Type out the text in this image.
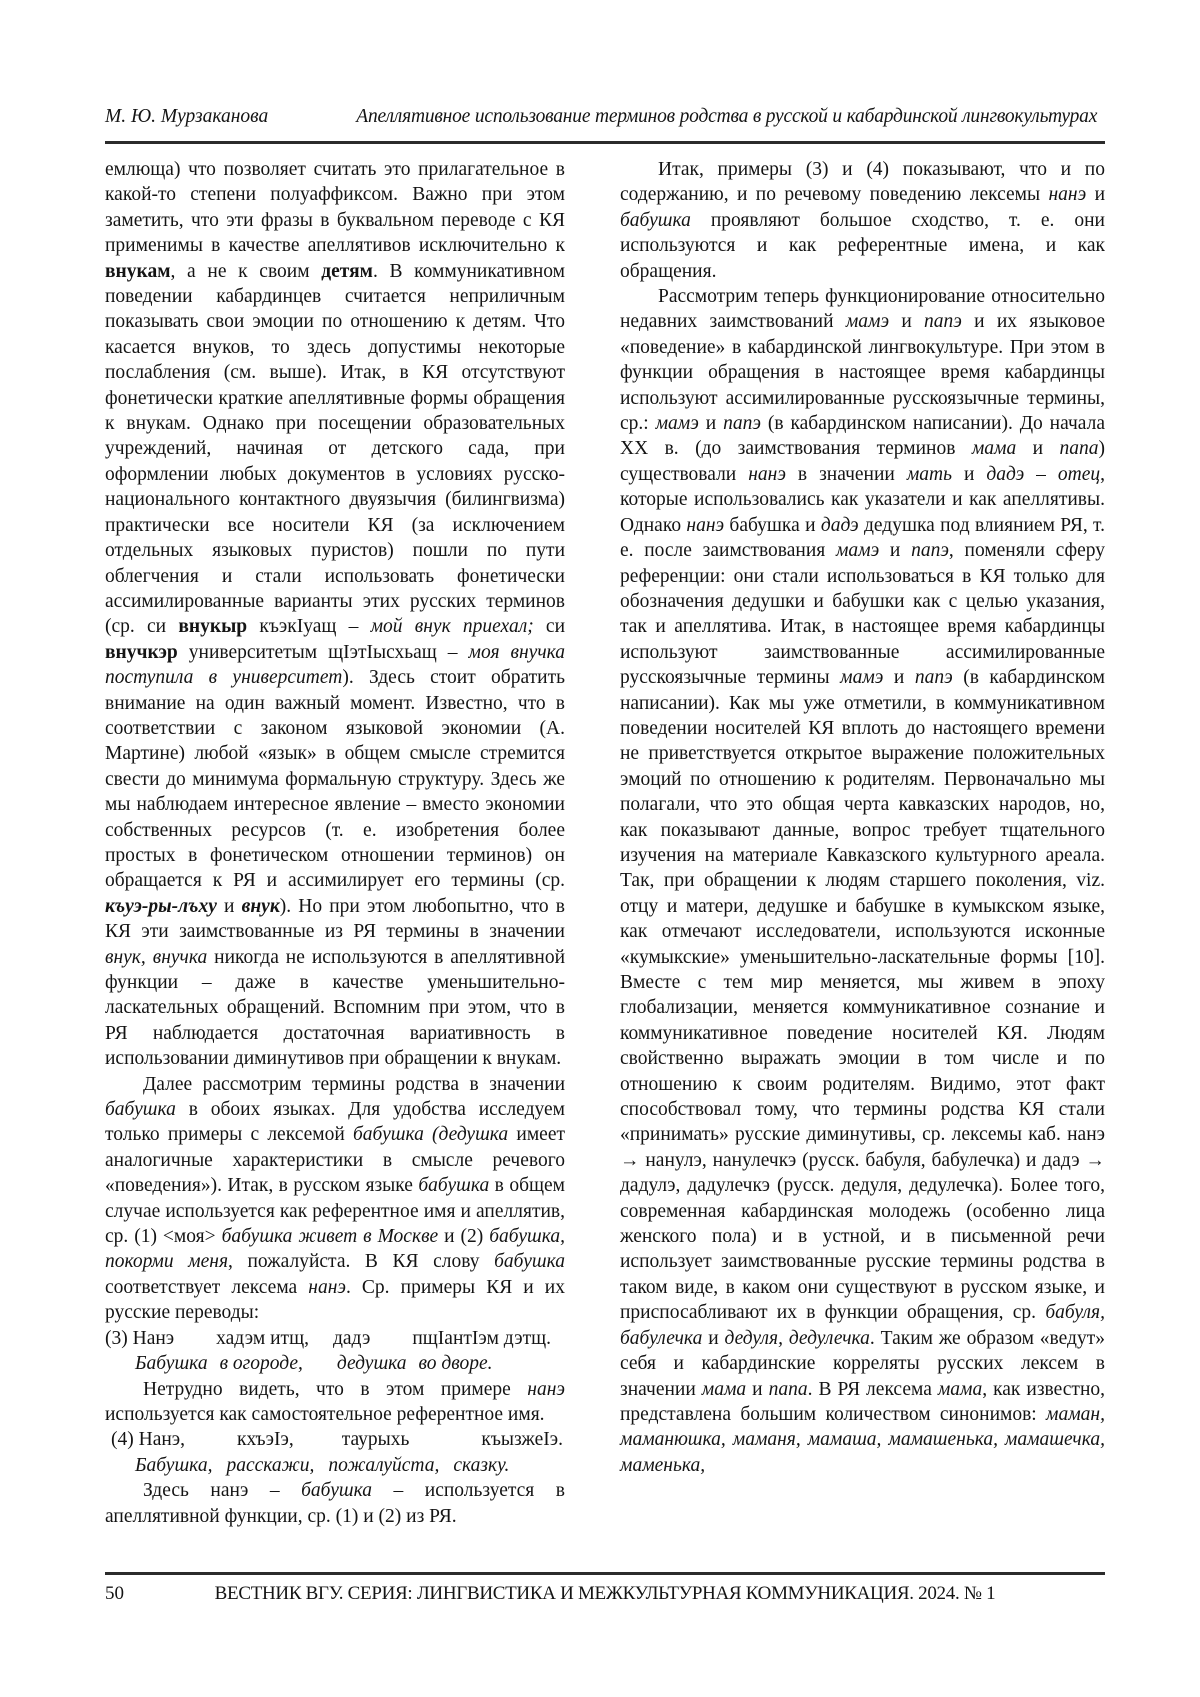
М. Ю. Мурзаканова	Апеллятивное использование терминов родства в русской и кабардинской лингвокультурах

емлюща) что позволяет считать это прилагательное в какой-то степени полуаффиксом. Важно при этом заметить, что эти фразы в буквальном переводе с КЯ применимы в качестве апеллятивов исключительно к внукам, а не к своим детям. В коммуникативном поведении кабардинцев считается неприличным показывать свои эмоции по отношению к детям. Что касается внуков, то здесь допустимы некоторые послабления (см. выше). Итак, в КЯ отсутствуют фонетически краткие апеллятивные формы обращения к внукам. Однако при посещении образовательных учреждений, начиная от детского сада, при оформлении любых документов в условиях русско-национального контактного двуязычия (билингвизма) практически все носители КЯ (за исключением отдельных языковых пуристов) пошли по пути облегчения и стали использовать фонетически ассимилированные варианты этих русских терминов (ср. си внукыр къэкIуащ – мой внук приехал; си внучкэр университетым щIэтIысхьащ – моя внучка поступила в университет). Здесь стоит обратить внимание на один важный момент. Известно, что в соответствии с законом языковой экономии (А. Мартине) любой «язык» в общем смысле стремится свести до минимума формальную структуру. Здесь же мы наблюдаем интересное явление – вместо экономии собственных ресурсов (т. е. изобретения более простых в фонетическом отношении терминов) он обращается к РЯ и ассимилирует его термины (ср. къуэ-ры-лъху и внук). Но при этом любопытно, что в КЯ эти заимствованные из РЯ термины в значении внук, внучка никогда не используются в апеллятивной функции – даже в качестве уменьшительно-ласкательных обращений. Вспомним при этом, что в РЯ наблюдается достаточная вариативность в использовании диминутивов при обращении к внукам.

Далее рассмотрим термины родства в значении бабушка в обоих языках. Для удобства исследуем только примеры с лексемой бабушка (дедушка имеет аналогичные характеристики в смысле речевого «поведения»). Итак, в русском языке бабушка в общем случае используется как референтное имя и апеллятив, ср. (1) <моя> бабушка живет в Москве и (2) бабушка, покорми меня, пожалуйста. В КЯ слову бабушка соответствует лексема нанэ. Ср. примеры КЯ и их русские переводы:

(3) Нанэ хадэм итщ, дадэ пщIантIэм дэтщ.

Бабушка в огороде, дедушка во дворе.

Нетрудно видеть, что в этом примере нанэ используется как самостоятельное референтное имя.

(4) Нанэ,	кхъэIэ, таурыхь	къызжеIэ.

Бабушка, расскажи, пожалуйста, сказку.

Здесь нанэ – бабушка – используется в апеллятивной функции, ср. (1) и (2) из РЯ.

Итак, примеры (3) и (4) показывают, что и по содержанию, и по речевому поведению лексемы нанэ и бабушка проявляют большое сходство, т. е. они используются и как референтные имена, и как обращения.

Рассмотрим теперь функционирование относительно недавних заимствований мамэ и папэ и их языковое «поведение» в кабардинской лингвокультуре. При этом в функции обращения в настоящее время кабардинцы используют ассимилированные русскоязычные термины, ср.: мамэ и папэ (в кабардинском написании). До начала XX в. (до заимствования терминов мама и папа) существовали нанэ в значении мать и дадэ – отец, которые использовались как указатели и как апеллятивы. Однако нанэ бабушка и дадэ дедушка под влиянием РЯ, т. е. после заимствования мамэ и папэ, поменяли сферу референции: они стали использоваться в КЯ только для обозначения дедушки и бабушки как с целью указания, так и апеллятива. Итак, в настоящее время кабардинцы используют заимствованные ассимилированные русскоязычные термины мамэ и папэ (в кабардинском написании). Как мы уже отметили, в коммуникативном поведении носителей КЯ вплоть до настоящего времени не приветствуется открытое выражение положительных эмоций по отношению к родителям. Первоначально мы полагали, что это общая черта кавказских народов, но, как показывают данные, вопрос требует тщательного изучения на материале Кавказского культурного ареала. Так, при обращении к людям старшего поколения, viz. отцу и матери, дедушке и бабушке в кумыкском языке, как отмечают исследователи, используются исконные «кумыкские» уменьшительно-ласкательные формы [10]. Вместе с тем мир меняется, мы живем в эпоху глобализации, меняется коммуникативное сознание и коммуникативное поведение носителей КЯ. Людям свойственно выражать эмоции в том числе и по отношению к своим родителям. Видимо, этот факт способствовал тому, что термины родства КЯ стали «принимать» русские диминутивы, ср. лексемы каб. нанэ → нанулэ, нанулечкэ (русск. бабуля, бабулечка) и дадэ → дадулэ, дадулечкэ (русск. дедуля, дедулечка). Более того, современная кабардинская молодежь (особенно лица женского пола) и в устной, и в письменной речи использует заимствованные русские термины родства в таком виде, в каком они существуют в русском языке, и приспосабливают их в функции обращения, ср. бабуля, бабулечка и дедуля, дедулечка. Таким же образом «ведут» себя и кабардинские корреляты русских лексем в значении мама и папа. В РЯ лексема мама, как известно, представлена большим количеством синонимов: маман, маманюшка, маманя, мамаша, мамашенька, мамашечка, маменька,

50	ВЕСТНИК ВГУ. СЕРИЯ: ЛИНГВИСТИКА И МЕЖКУЛЬТУРНАЯ КОММУНИКАЦИЯ. 2024. № 1
